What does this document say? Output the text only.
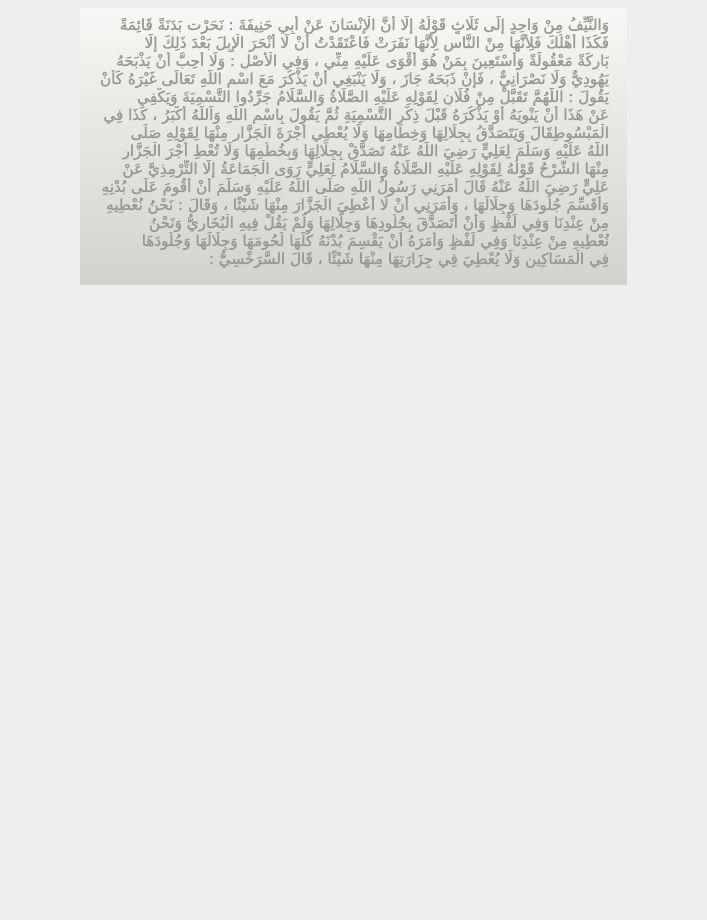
وَالنَّيِّفُ مِنْ وَاحِدٍ إلَى ثَلَاثٍ قَوْلُهُ إلَّا أَنَّ الْإِنْسَانَ عَنْ أَبِي حَنِيفَةَ : نَحَرْت بَدَنَةً قَائِمَةً
فَكَذَا أَهْلُكَ فَلِأَنَّهَا مِنْ النَّاسِ لِأَنَّهَا نَفَرَتْ فَاعْتَقَدْتُ أَنْ لَا أَنْحَرَ الْإِبِلَ بَعْدَ ذَلِكَ إلَّا
بَارِكَةً مَعْقُولَةً وَأَسْتَعِينَ بِمَنْ هُوَ أَقْوَى عَلَيْهِ مِنِّي ، وَفِي الْأَصْلِ : وَلَا أُحِبُّ أَنْ يَذْبَحَهُ
يَهُودِيٌّ وَلَا نَصْرَانِيٌّ ، فَإِنْ ذَبَحَهُ جَازَ ، وَلَا يَنْبَغِي أَنْ يَذْكُرَ مَعَ اسْمِ اللَّهِ تَعَالَى غَيْرَهُ كَأَنْ
يَقُولَ : اللَّهُمَّ تَقَبَّلْ مِنْ فُلَانٍ لِقَوْلِهِ عَلَيْهِ الصَّلَاةُ وَالسَّلَامُ جَرِّدُوا التَّسْمِيَةَ وَيَكْفِي
عَنْ هَذَا أَنْ يَنْوِيَهُ أَوْ يَذْكُرَهُ قَبْلَ ذِكْرِ التَّسْمِيَةِ ثُمَّ يَقُولَ بِاسْمِ اللَّهِ وَاَللَّهُ أَكْبَرُ ، كَذَا فِي
الْمَبْسُوطِقَالَ وَيَتَصَدَّقُ بِجِلَالِهَا وَخِطَامِهَا وَلَا يُعْطِي أُجْرَةَ الْجَزَّارِ مِنْهَا لِقَوْلِهِ صَلَّى
اللَّهُ عَلَيْهِ وَسَلَّمَ لِعَلِيٍّ رَضِيَ اللَّهُ عَنْهُ تَصَدَّقْ بِجِلَالِهَا وَبِخُطُمِهَا وَلَا تُعْطِ أَجْرَ الْجَزَّارِ
مِنْهَا الشَّرْحُ قَوْلُهُ لِقَوْلِهِ عَلَيْهِ الصَّلَاةُ وَالسَّلَامُ لِعَلِيٍّ رَوَى الْجَمَاعَةُ إلَّا التِّرْمِذِيَّ عَنْ
عَلِيٍّ رَضِيَ اللَّهُ عَنْهُ قَالَ أَمَرَنِي رَسُولُ اللَّهِ صَلَّى اللَّهُ عَلَيْهِ وَسَلَّمَ أَنْ أَقُومَ عَلَى بُدْنِهِ
وَأُقَسِّمَ جُلُودَهَا وَجِلَالَهَا ، وَأَمَرَنِي أَنْ لَا أُعْطِيَ الْجَزَّارَ مِنْهَا شَيْئًا ، وَقَالَ : نَحْنُ نُعْطِيهِ
مِنْ عِنْدِنَا وَفِي لَفْظٍ وَأَنْ أَتَصَدَّقَ بِجُلُودِهَا وَجِلَالِهَا وَلَمْ يَقُلْ فِيهِ الْبُخَارِيُّ وَنَحْنُ
نُعْطِيهِ مِنْ عِنْدِنَا وَفِي لَفْظٍ وَأَمَرَهُ أَنْ يَقْسِمَ بُدْنَهُ كُلَّهَا لُحُومَهَا وَجِلَالَهَا وَجُلُودَهَا
فِي الْمَسَاكِينِ وَلَا يُعْطِيَ فِي جِزَارَتِهَا مِنْهَا شَيْئًا ، قَالَ السَّرَخْسِيُّ :
